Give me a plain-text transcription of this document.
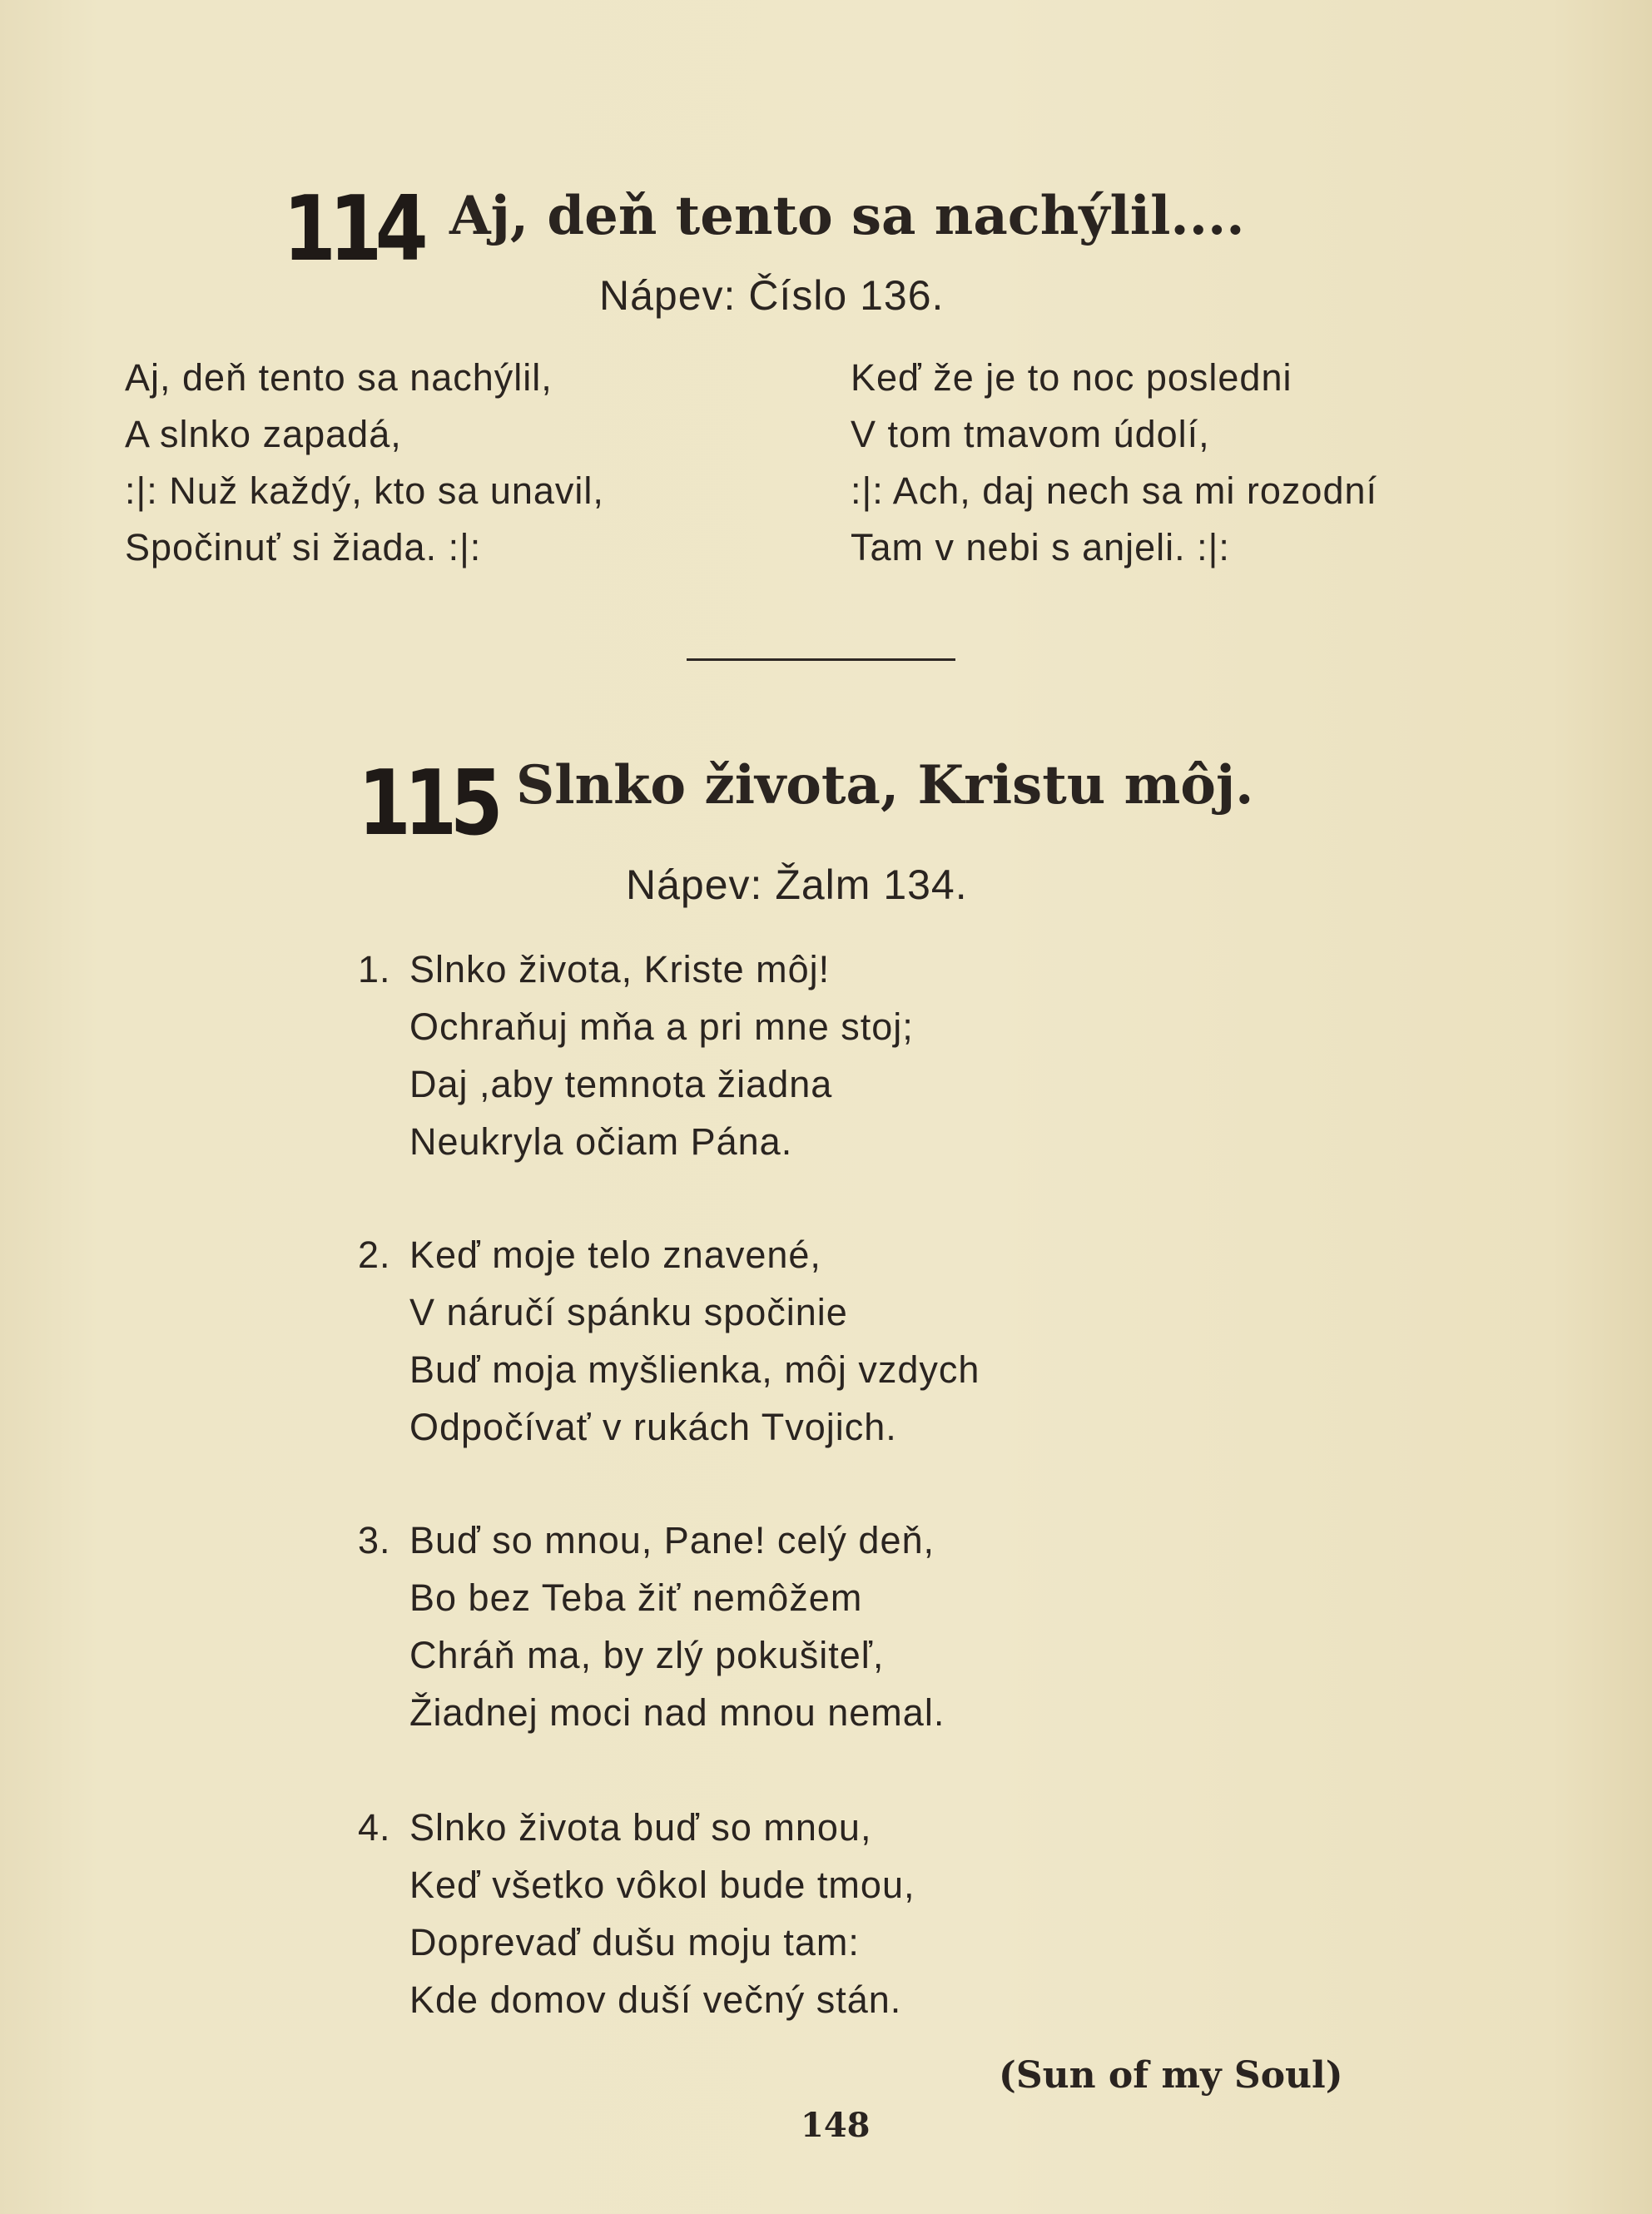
114 Aj, deň tento sa nachýlil....
Nápev: Číslo 136.
Aj, deň tento sa nachýlil,
A slnko zapadá,
:|: Nuž každý, kto sa unavil,
Spočinuť si žiada. :|:
Keď že je to noc posledni
V tom tmavom údolí,
:|: Ach, daj nech sa mi rozodní
Tam v nebi s anjeli. :|:
115 Slnko života, Kristu môj.
Nápev: Žalm 134.
1. Slnko života, Kriste môj!
Ochraňuj mňa a pri mne stoj;
Daj ,aby temnota žiadna
Neukryla očiam Pána.
2. Keď moje telo znavené,
V náručí spánku spočinie
Buď moja myšlienka, môj vzdych
Odpočívať v rukách Tvojich.
3. Buď so mnou, Pane! celý deň,
Bo bez Teba žiť nemôžem
Chráň ma, by zlý pokušiteľ,
Žiadnej moci nad mnou nemal.
4. Slnko života buď so mnou,
Keď všetko vôkol bude tmou,
Doprevaď dušu moju tam:
Kde domov duší večný stán.
(Sun of my Soul)
148
